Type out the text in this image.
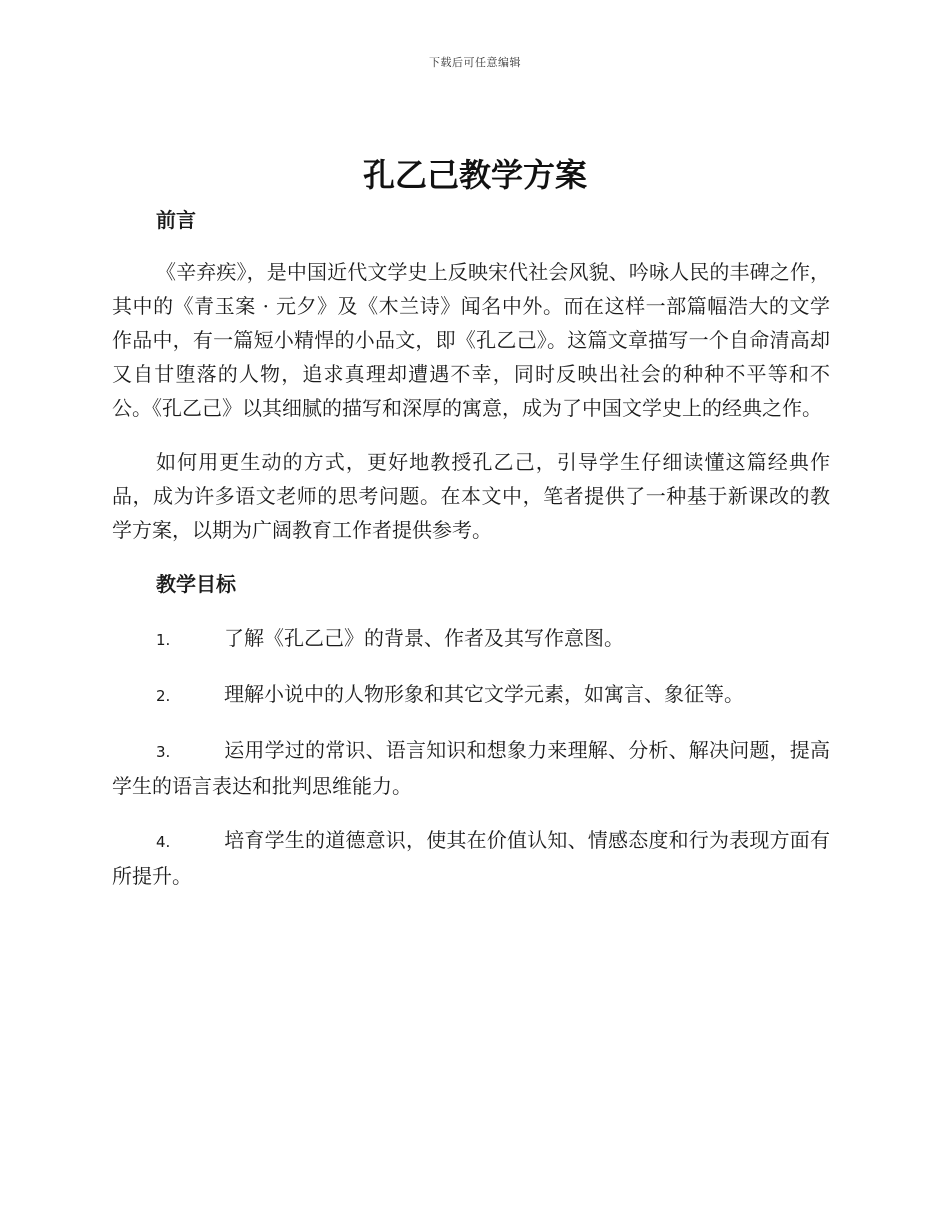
下载后可任意编辑
孔乙己教学方案
前言

《辛弃疾》，是中国近代文学史上反映宋代社会风貌、吟咏人民的丰碑之作，其中的《青玉案 · 元夕》及《木兰诗》闻名中外。而在这样一部篇幅浩大的文学作品中，有一篇短小精悍的小品文，即《孔乙己》。这篇文章描写一个自命清高却又自甘堕落的人物，追求真理却遭遇不幸，同时反映出社会的种种不平等和不公。《孔乙己》以其细腻的描写和深厚的寓意，成为了中国文学史上的经典之作。

如何用更生动的方式，更好地教授孔乙己，引导学生仔细读懂这篇经典作品，成为许多语文老师的思考问题。在本文中，笔者提供了一种基于新课改的教学方案，以期为广阔教育工作者提供参考。

教学目标

1.	了解《孔乙己》的背景、作者及其写作意图。

2.	理解小说中的人物形象和其它文学元素，如寓言、象征等。

3.	运用学过的常识、语言知识和想象力来理解、分析、解决问题，提高学生的语言表达和批判思维能力。

4.	培育学生的道德意识，使其在价值认知、情感态度和行为表现方面有所提升。
